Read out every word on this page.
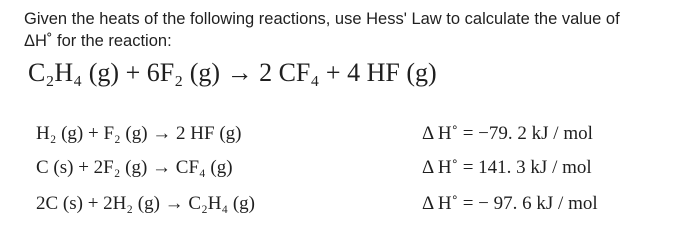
Given the heats of the following reactions, use Hess' Law to calculate the value of

ΔH˚ for the reaction:

C₂H₄ (g) + 6F₂ (g) → 2 CF₄ + 4 HF (g)
H₂ (g) + F₂ (g) → 2 HF (g)
C (s) + 2F₂ (g) → CF₄ (g)
2C (s) + 2H₂ (g) → C₂H₄ (g)
Δ H˚ = −79. 2 kJ / mol
Δ H˚ = 141. 3 kJ / mol
Δ H˚ = − 97. 6 kJ / mol
